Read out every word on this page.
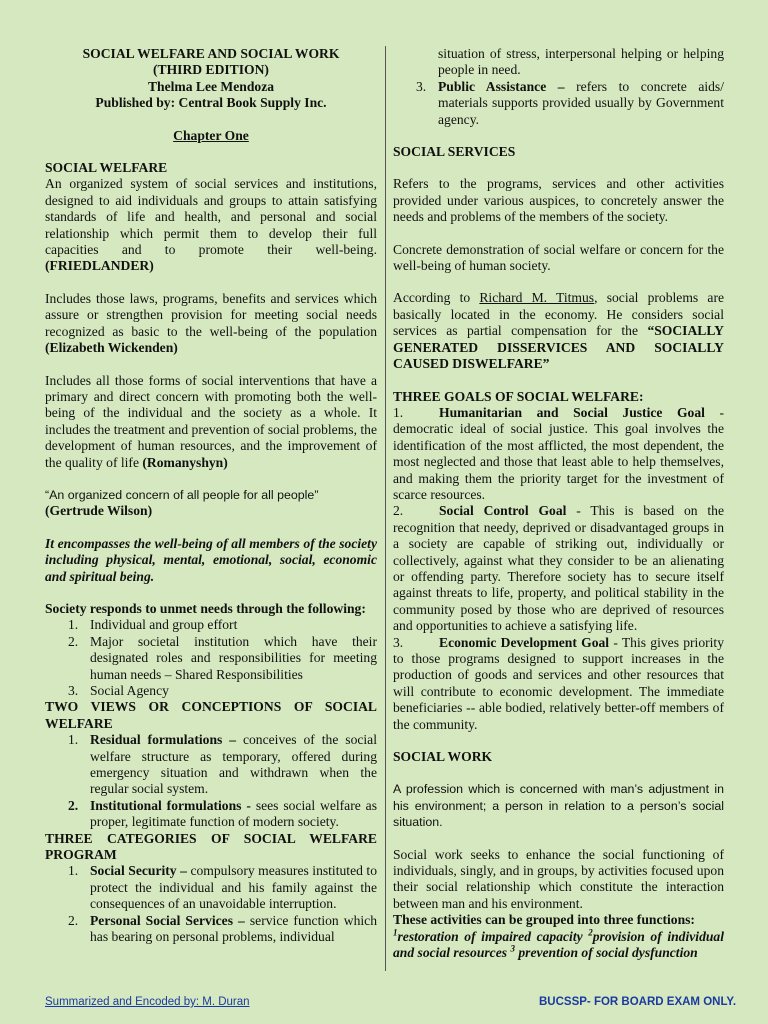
SOCIAL WELFARE AND SOCIAL WORK

(THIRD EDITION)

Thelma Lee Mendoza

Published by: Central Book Supply Inc.

Chapter One

SOCIAL WELFARE

An organized system of social services and institutions, designed to aid individuals and groups to attain satisfying standards of life and health, and personal and social relationship which permit them to develop their full capacities and to promote their well-being.(FRIEDLANDER)

Includes those laws, programs, benefits and services which assure or strengthen provision for meeting social needs recognized as basic to the well-being of the population (Elizabeth Wickenden)

Includes all those forms of social interventions that have a primary and direct concern with promoting both the well-being of the individual and the society as a whole. It includes the treatment and prevention of social problems, the development of human resources, and the improvement of the quality of life (Romanyshyn)

“An organized concern of all people for all people”

(Gertrude Wilson)

It encompasses the well-being of all members of the society including physical, mental, emotional, social, economic and spiritual being.

Society responds to unmet needs through the following:

1. Individual and group effort
2. Major societal institution which have their designated roles and responsibilities for meeting human needs – Shared Responsibilities
3. Social Agency

TWO VIEWS OR CONCEPTIONS OF SOCIAL WELFARE

1. Residual formulations – conceives of the social welfare structure as temporary, offered during emergency situation and withdrawn when the regular social system.
2. Institutional formulations - sees social welfare as proper, legitimate function of modern society.

THREE CATEGORIES OF SOCIAL WELFARE PROGRAM

1. Social Security – compulsory measures instituted to protect the individual and his family against the consequences of an unavoidable interruption.
2. Personal Social Services – service function which has bearing on personal problems, individual
situation of stress, interpersonal helping or helping people in need.
3. Public Assistance – refers to concrete aids/ materials supports provided usually by Government agency.

SOCIAL SERVICES

Refers to the programs, services and other activities provided under various auspices, to concretely answer the needs and problems of the members of the society.

Concrete demonstration of social welfare or concern for the well-being of human society.

According to Richard M. Titmus, social problems are basically located in the economy. He considers social services as partial compensation for the “SOCIALLY GENERATED DISSERVICES AND SOCIALLY CAUSED DISWELFARE”

THREE GOALS OF SOCIAL WELFARE:

1.	Humanitarian and Social Justice Goal - democratic ideal of social justice. This goal involves the identification of the most afflicted, the most dependent, the most neglected and those that least able to help themselves, and making them the priority target for the investment of scarce resources.

2.	Social Control Goal - This is based on the recognition that needy, deprived or disadvantaged groups in a society are capable of striking out, individually or collectively, against what they consider to be an alienating or offending party. Therefore society has to secure itself against threats to life, property, and political stability in the community posed by those who are deprived of resources and opportunities to achieve a satisfying life.

3.	Economic Development Goal - This gives priority to those programs designed to support increases in the production of goods and services and other resources that will contribute to economic development. The immediate beneficiaries -- able bodied, relatively better-off members of the community.

SOCIAL WORK

A profession which is concerned with man’s adjustment in his environment; a person in relation to a person’s social situation.

Social work seeks to enhance the social functioning of individuals, singly, and in groups, by activities focused upon their social relationship which constitute the interaction between man and his environment.

These activities can be grouped into three functions:

$^1$restoration of impaired capacity $^2$provision of individual and social resources $^3$ prevention of social dysfunction

Summarized and Encoded by: M. Duran	BUCSSP- FOR BOARD EXAM ONLY.
